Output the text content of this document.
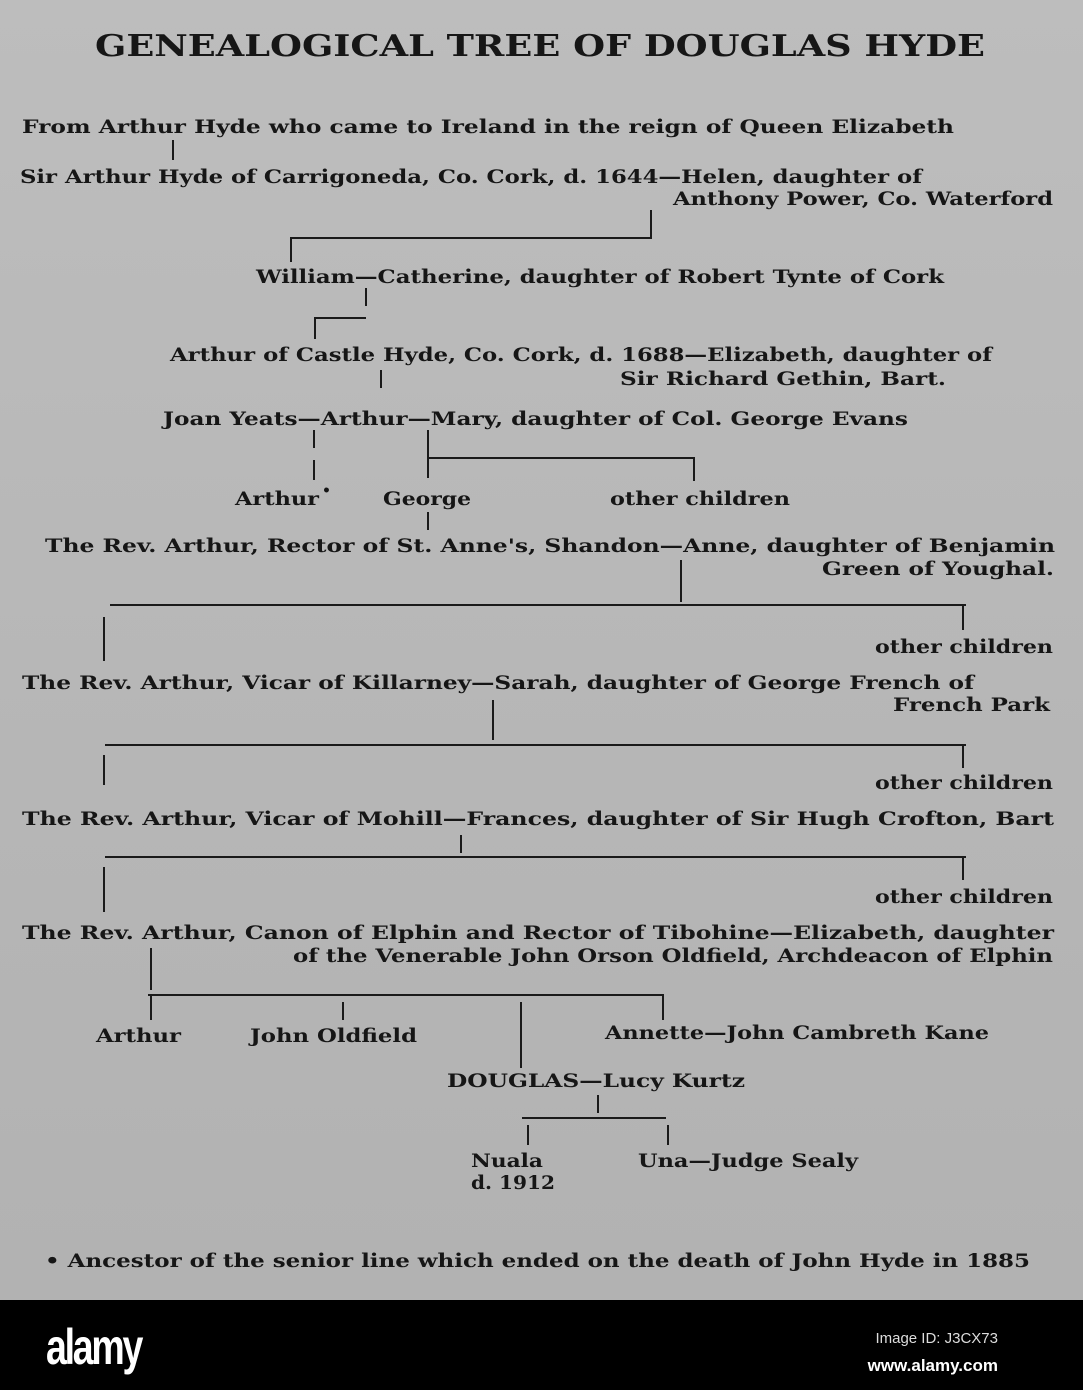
GENEALOGICAL TREE OF DOUGLAS HYDE
From Arthur Hyde who came to Ireland in the reign of Queen Elizabeth
Sir Arthur Hyde of Carrigoneda, Co. Cork, d. 1644—Helen, daughter of
Anthony Power, Co. Waterford
William—Catherine, daughter of Robert Tynte of Cork
Arthur of Castle Hyde, Co. Cork, d. 1688—Elizabeth, daughter of
Sir Richard Gethin, Bart.
Joan Yeats—Arthur—Mary, daughter of Col. George Evans
Arthur •	George	other children
The Rev. Arthur, Rector of St. Anne's, Shandon—Anne, daughter of Benjamin
Green of Youghal.
other children
The Rev. Arthur, Vicar of Killarney—Sarah, daughter of George French of
French Park
other children
The Rev. Arthur, Vicar of Mohill—Frances, daughter of Sir Hugh Crofton, Bart
other children
The Rev. Arthur, Canon of Elphin and Rector of Tibohine—Elizabeth, daughter
of the Venerable John Orson Oldfield, Archdeacon of Elphin
Arthur	John Oldfield	Annette—John Cambreth Kane
DOUGLAS—Lucy Kurtz
Nuala
d. 1912
Una—Judge Sealy
• Ancestor of the senior line which ended on the death of John Hyde in 1885
alamy	Image ID: J3CX73
www.alamy.com
